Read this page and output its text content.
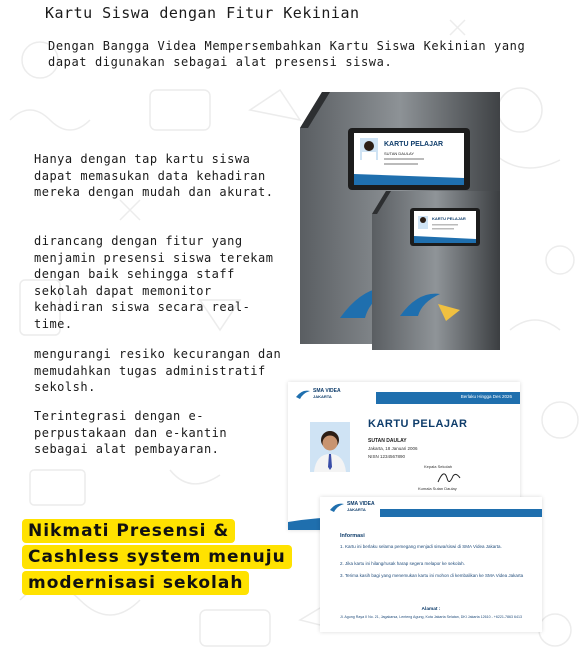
Kartu Siswa dengan Fitur Kekinian
Dengan Bangga Videa Mempersembahkan Kartu Siswa Kekinian yang dapat digunakan sebagai alat presensi siswa.
Hanya dengan tap kartu siswa dapat memasukan data kehadiran mereka dengan mudah dan akurat.
dirancang dengan fitur yang menjamin presensi siswa terekam dengan baik sehingga staff sekolah dapat memonitor kehadiran siswa secara real-time.
mengurangi resiko kecurangan dan memudahkan tugas administratif sekolsh.
Terintegrasi dengan e-perpustakaan dan e-kantin sebagai alat pembayaran.
Nikmati Presensi &
Cashless system menuju
modernisasi sekolah
KARTU PELAJAR
SUTAN DAULAY
KARTU PELAJAR
Berlaku Hingga Des 2026
SMA VIDEA
JAKARTA
KARTU PELAJAR
SUTAN DAULAY
Jakarta, 18 Januari 2006
NISN 1234567890
Kepala Sekolah
Kumala Sutan Daulay
SMA VIDEA
JAKARTA
Informasi
1. Kartu ini berlaku selama pemegang menjadi siswa/siswi di SMA Videa Jakarta.
2. Jika kartu ini hilang/rusak harap segera melapor ke sekolah.
3. Terima kasih bagi yang menemukan kartu ini mohon di kembalikan ke SMA Videa Jakarta
Alamat :
Jl. Agung Raya II No. 21, Jagakarsa, Lenteng Agung, Kota Jakarta Selatan, DKI Jakarta 12610 - +6221-7863 6413
